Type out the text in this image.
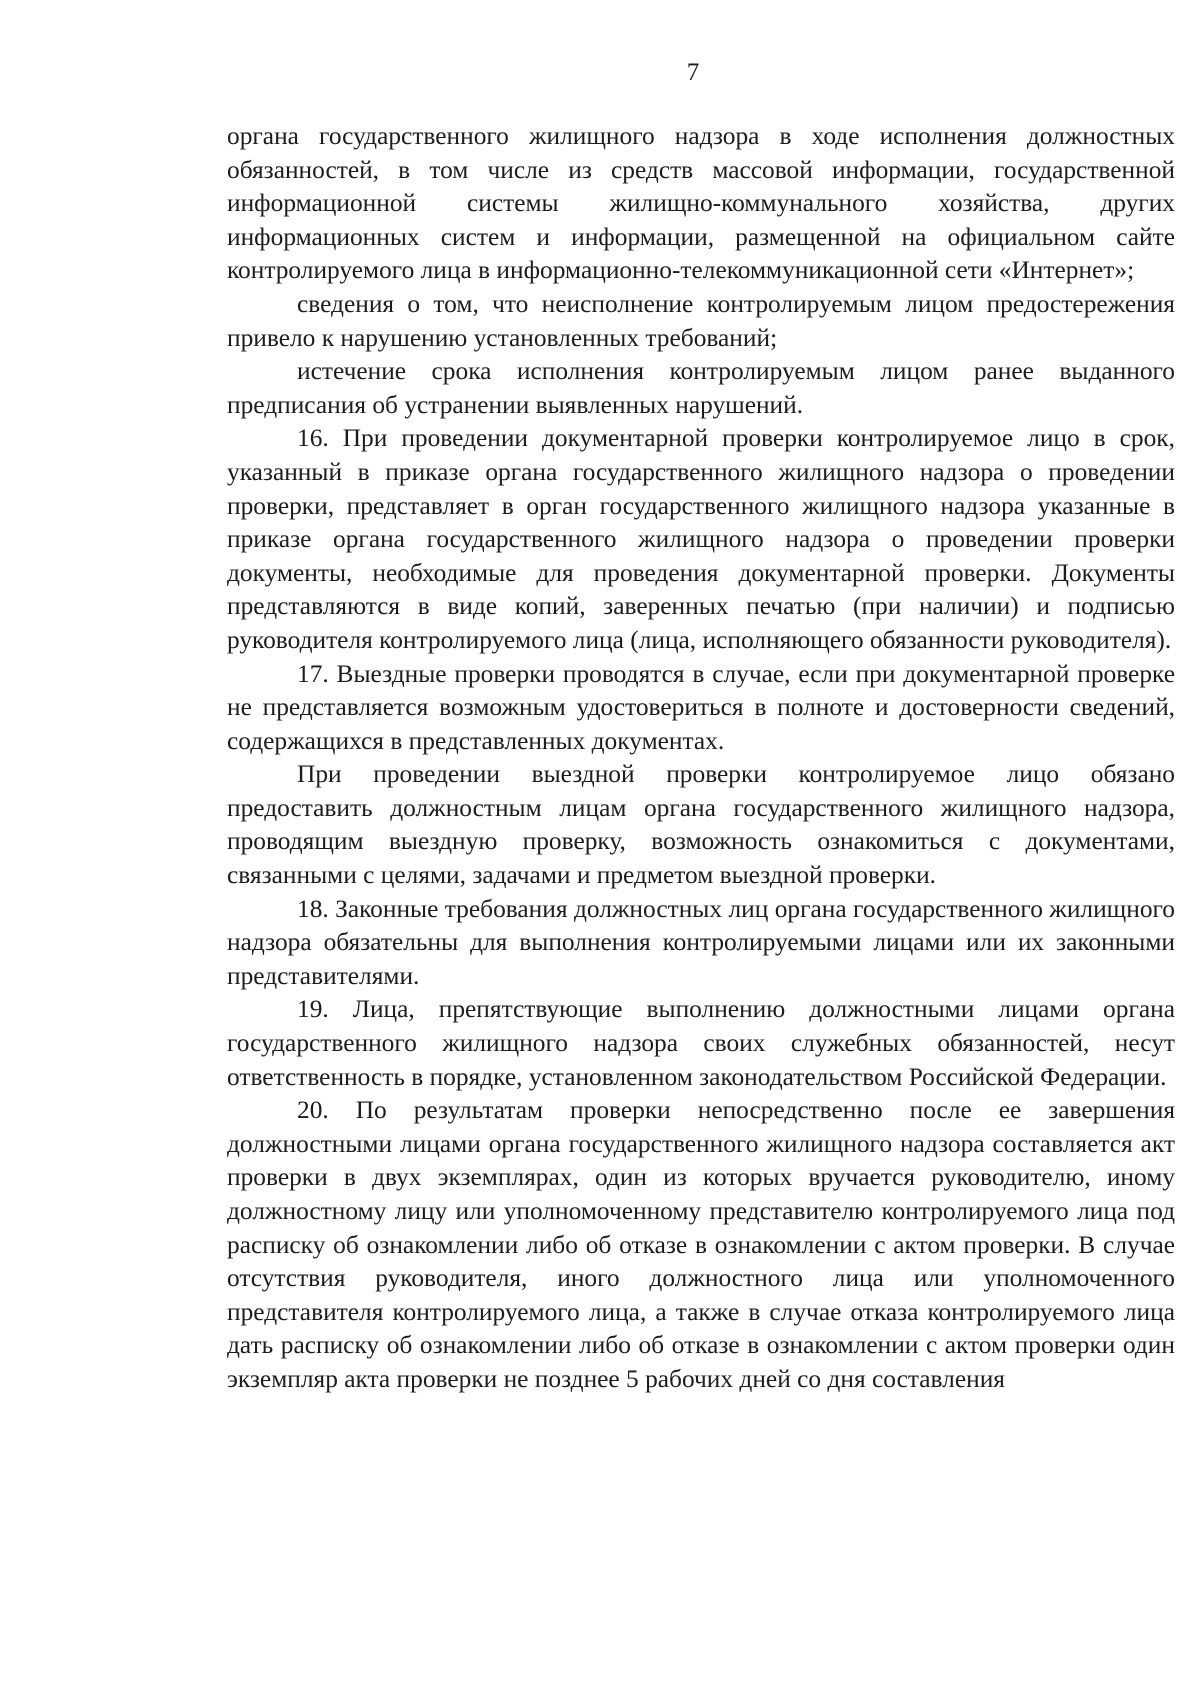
7

органа государственного жилищного надзора в ходе исполнения должностных обязанностей, в том числе из средств массовой информации, государственной информационной системы жилищно-коммунального хозяйства, других информационных систем и информации, размещенной на официальном сайте контролируемого лица в информационно-телекоммуникационной сети «Интернет»;

сведения о том, что неисполнение контролируемым лицом предостережения привело к нарушению установленных требований;

истечение срока исполнения контролируемым лицом ранее выданного предписания об устранении выявленных нарушений.

16. При проведении документарной проверки контролируемое лицо в срок, указанный в приказе органа государственного жилищного надзора о проведении проверки, представляет в орган государственного жилищного надзора указанные в приказе органа государственного жилищного надзора о проведении проверки документы, необходимые для проведения документарной проверки. Документы представляются в виде копий, заверенных печатью (при наличии) и подписью руководителя контролируемого лица (лица, исполняющего обязанности руководителя).

17. Выездные проверки проводятся в случае, если при документарной проверке не представляется возможным удостовериться в полноте и достоверности сведений, содержащихся в представленных документах.

При проведении выездной проверки контролируемое лицо обязано предоставить должностным лицам органа государственного жилищного надзора, проводящим выездную проверку, возможность ознакомиться с документами, связанными с целями, задачами и предметом выездной проверки.

18. Законные требования должностных лиц органа государственного жилищного надзора обязательны для выполнения контролируемыми лицами или их законными представителями.

19. Лица, препятствующие выполнению должностными лицами органа государственного жилищного надзора своих служебных обязанностей, несут ответственность в порядке, установленном законодательством Российской Федерации.

20. По результатам проверки непосредственно после ее завершения должностными лицами органа государственного жилищного надзора составляется акт проверки в двух экземплярах, один из которых вручается руководителю, иному должностному лицу или уполномоченному представителю контролируемого лица под расписку об ознакомлении либо об отказе в ознакомлении с актом проверки. В случае отсутствия руководителя, иного должностного лица или уполномоченного представителя контролируемого лица, а также в случае отказа контролируемого лица дать расписку об ознакомлении либо об отказе в ознакомлении с актом проверки один экземпляр акта проверки не позднее 5 рабочих дней со дня составления
